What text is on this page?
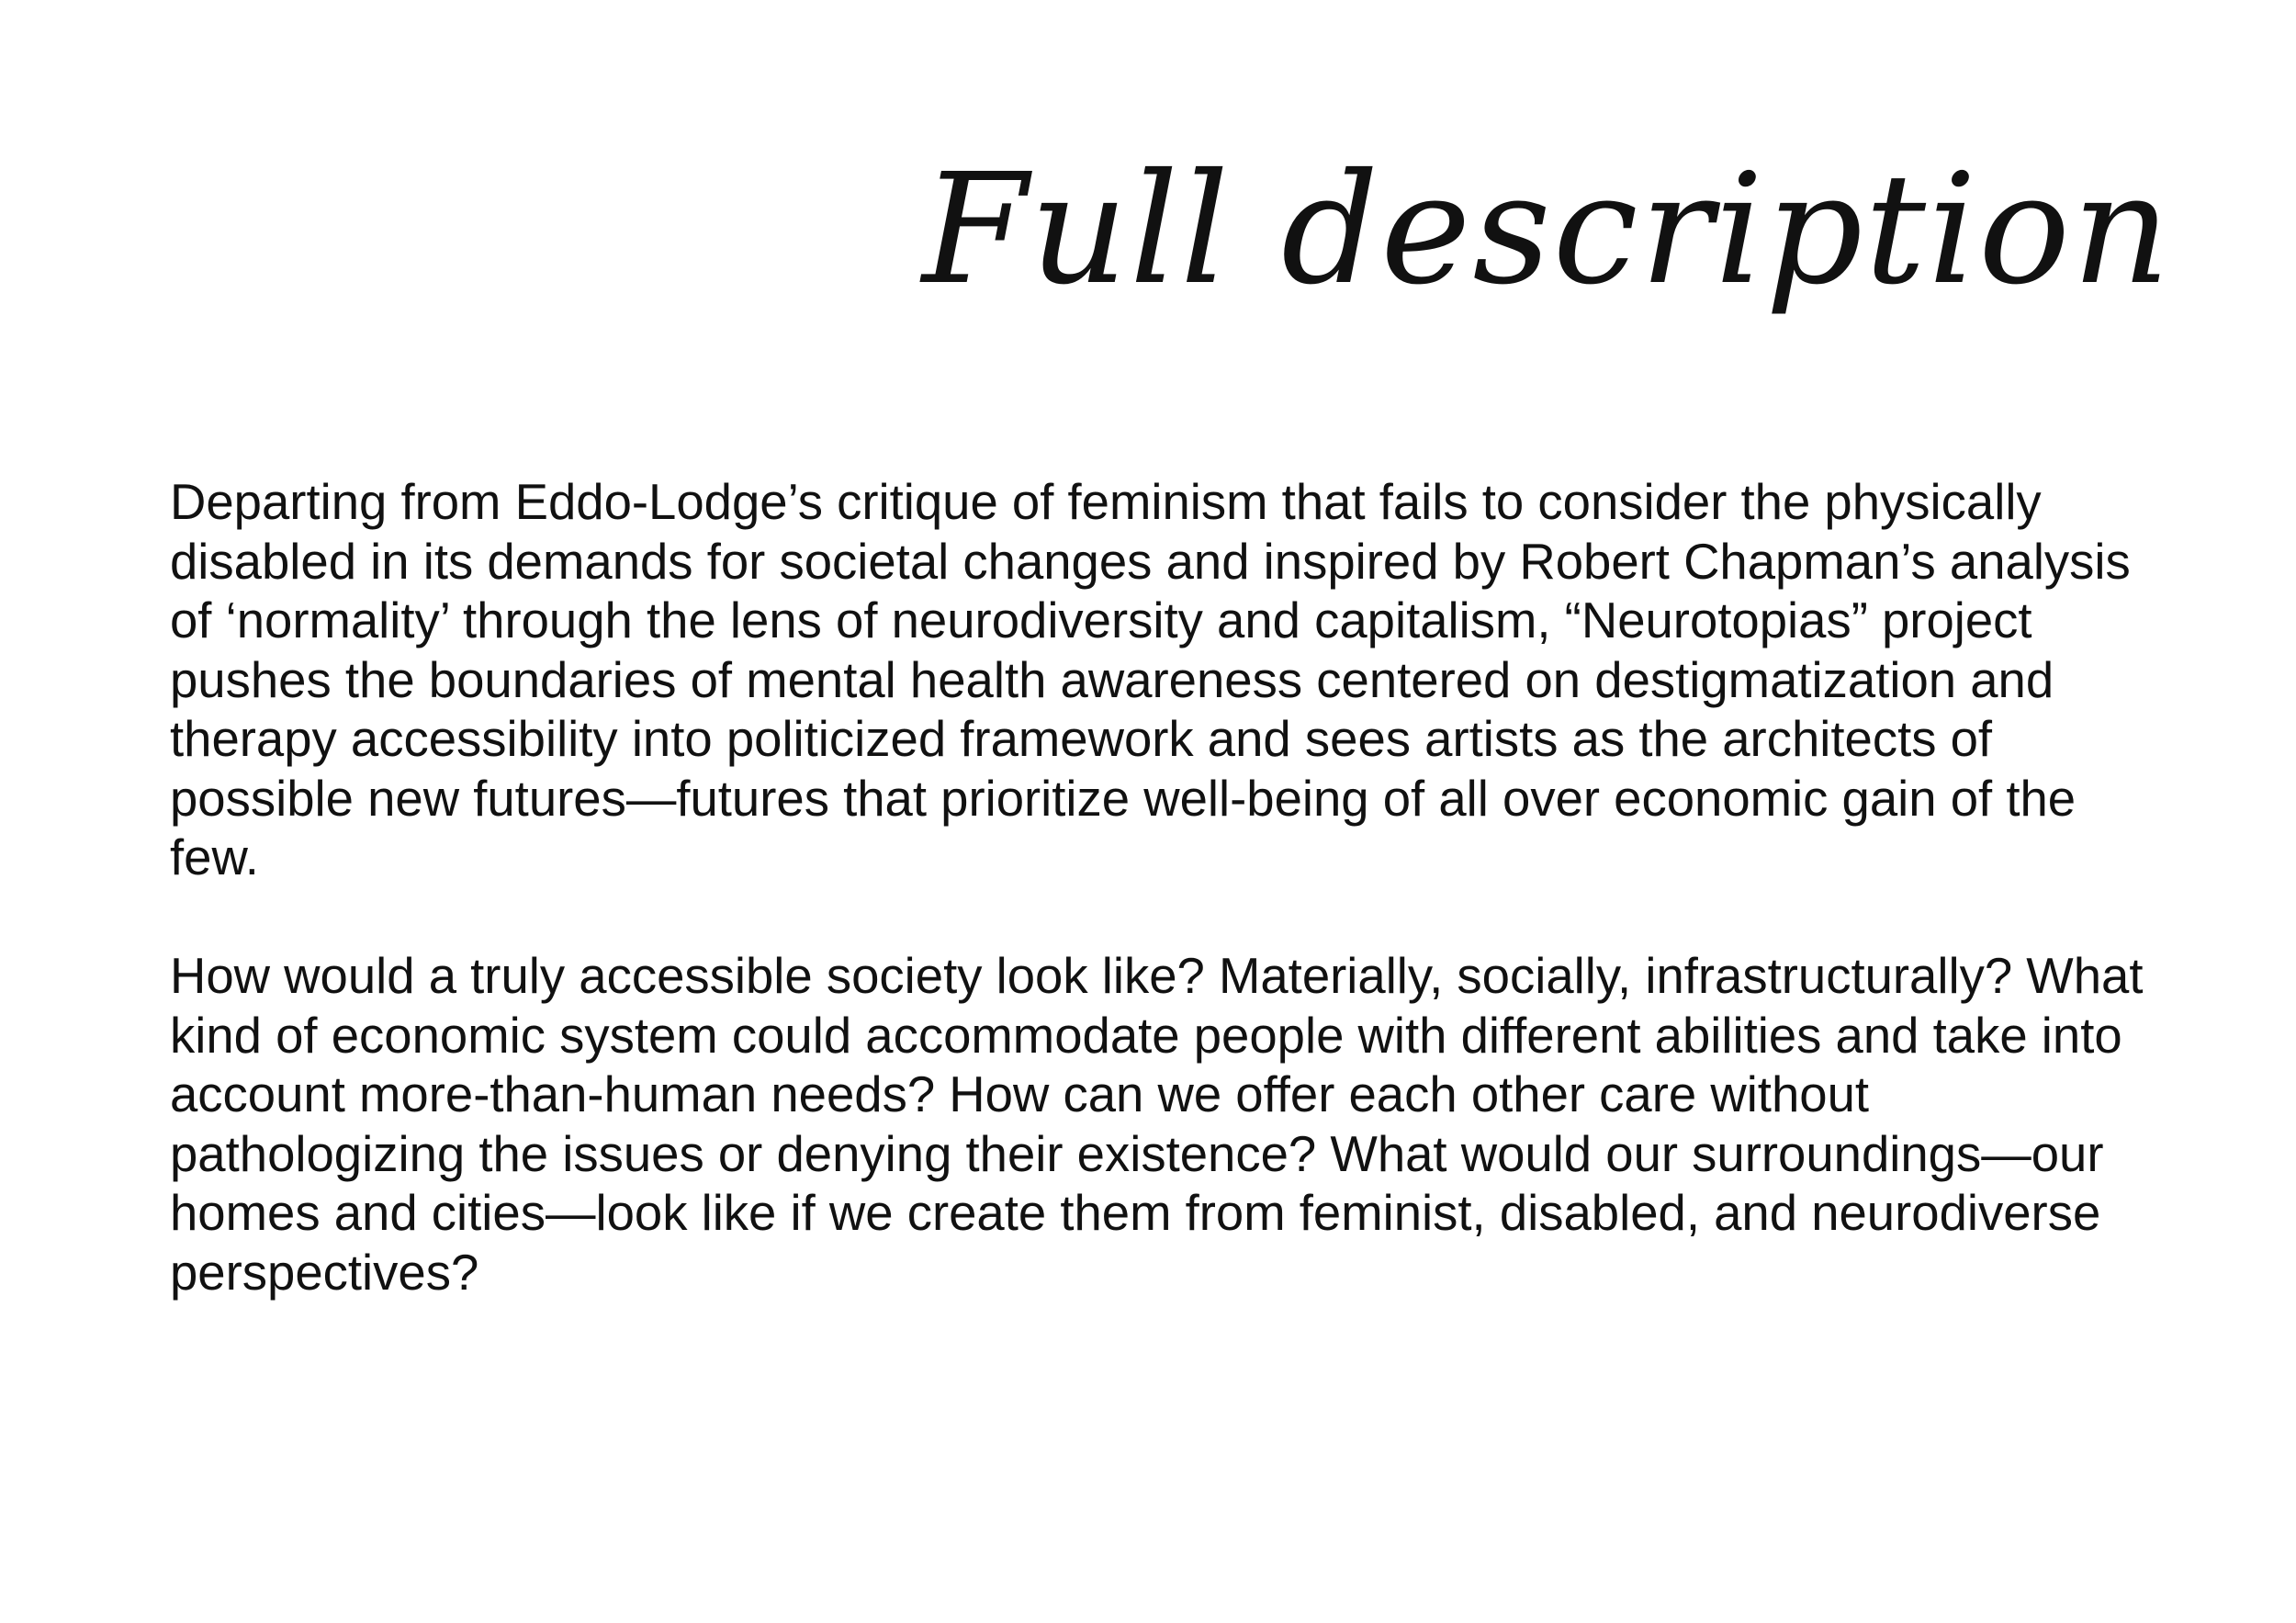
Full description

Departing from Eddo-Lodge’s critique of feminism that fails to consider the physically
disabled in its demands for societal changes and inspired by Robert Chapman’s analysis
of ‘normality’ through the lens of neurodiversity and capitalism, “Neurotopias” project
pushes the boundaries of mental health awareness centered on destigmatization and
therapy accessibility into politicized framework and sees artists as the architects of
possible new futures—futures that prioritize well-being of all over economic gain of the
few.

How would a truly accessible society look like? Materially, socially, infrastructurally? What
kind of economic system could accommodate people with different abilities and take into
account more-than-human needs? How can we offer each other care without
pathologizing the issues or denying their existence? What would our surroundings—our
homes and cities—look like if we create them from feminist, disabled, and neurodiverse
perspectives?
